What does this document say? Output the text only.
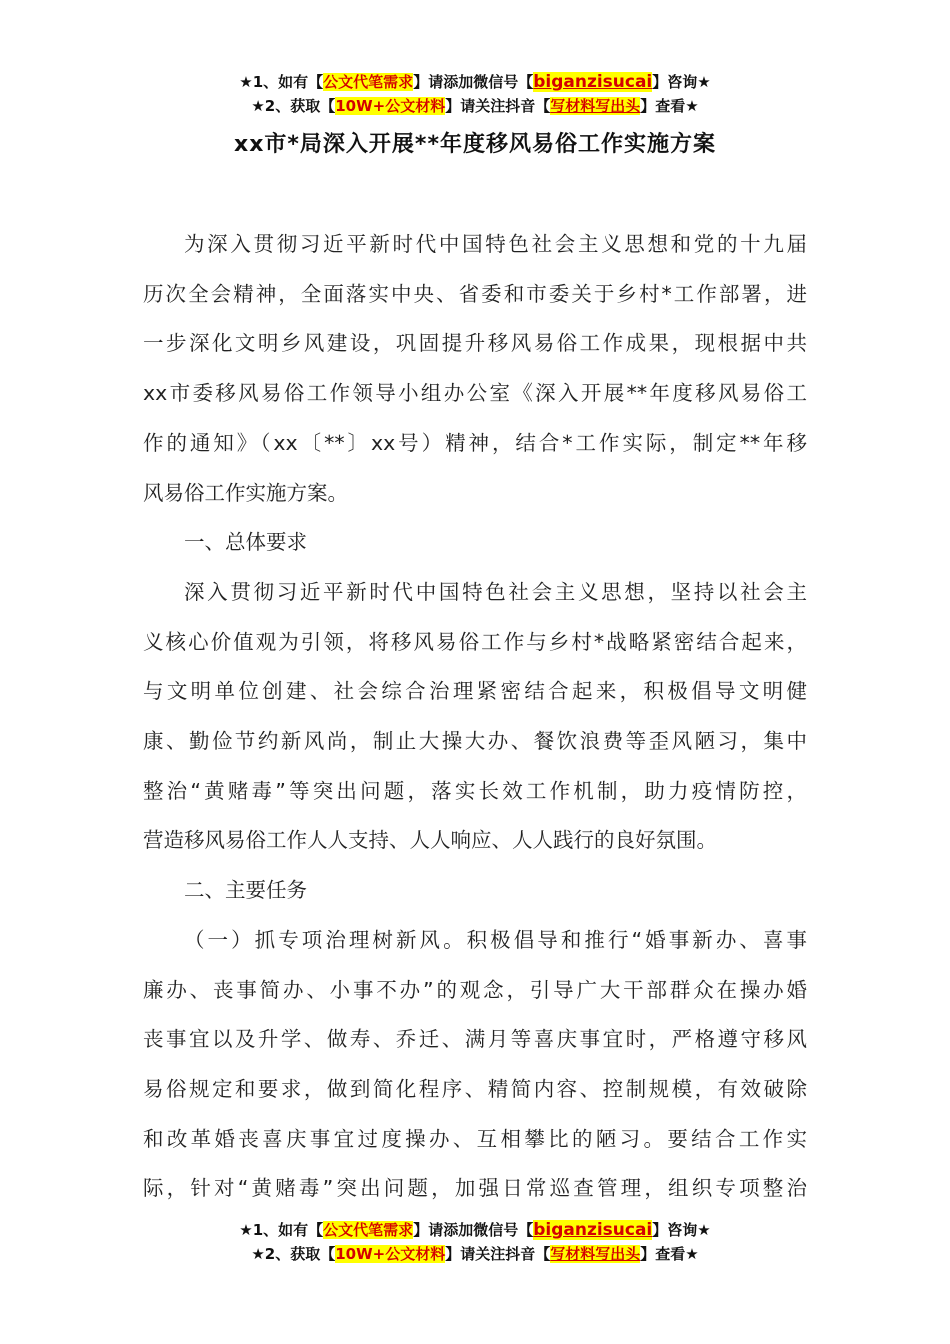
★1、如有【公文代笔需求】请添加微信号【biganzisucai】咨询★
★2、获取【10W+公文材料】请关注抖音【写材料写出头】查看★
xx市*局深入开展**年度移风易俗工作实施方案
为深入贯彻习近平新时代中国特色社会主义思想和党的十九届
历次全会精神，全面落实中央、省委和市委关于乡村*工作部署，进
一步深化文明乡风建设，巩固提升移风易俗工作成果，现根据中共
xx市委移风易俗工作领导小组办公室《深入开展**年度移风易俗工
作的通知》（xx〔**〕xx号）精神，结合*工作实际，制定**年移
风易俗工作实施方案。
一、总体要求
深入贯彻习近平新时代中国特色社会主义思想，坚持以社会主
义核心价值观为引领，将移风易俗工作与乡村*战略紧密结合起来，
与文明单位创建、社会综合治理紧密结合起来，积极倡导文明健
康、勤俭节约新风尚，制止大操大办、餐饮浪费等歪风陋习，集中
整治“黄赌毒”等突出问题，落实长效工作机制，助力疫情防控，
营造移风易俗工作人人支持、人人响应、人人践行的良好氛围。
二、主要任务
（一）抓专项治理树新风。积极倡导和推行“婚事新办、喜事
廉办、丧事简办、小事不办”的观念，引导广大干部群众在操办婚
丧事宜以及升学、做寿、乔迁、满月等喜庆事宜时，严格遵守移风
易俗规定和要求，做到简化程序、精简内容、控制规模，有效破除
和改革婚丧喜庆事宜过度操办、互相攀比的陋习。要结合工作实
际，针对“黄赌毒”突出问题，加强日常巡查管理，组织专项整治
★1、如有【公文代笔需求】请添加微信号【biganzisucai】咨询★
★2、获取【10W+公文材料】请关注抖音【写材料写出头】查看★
